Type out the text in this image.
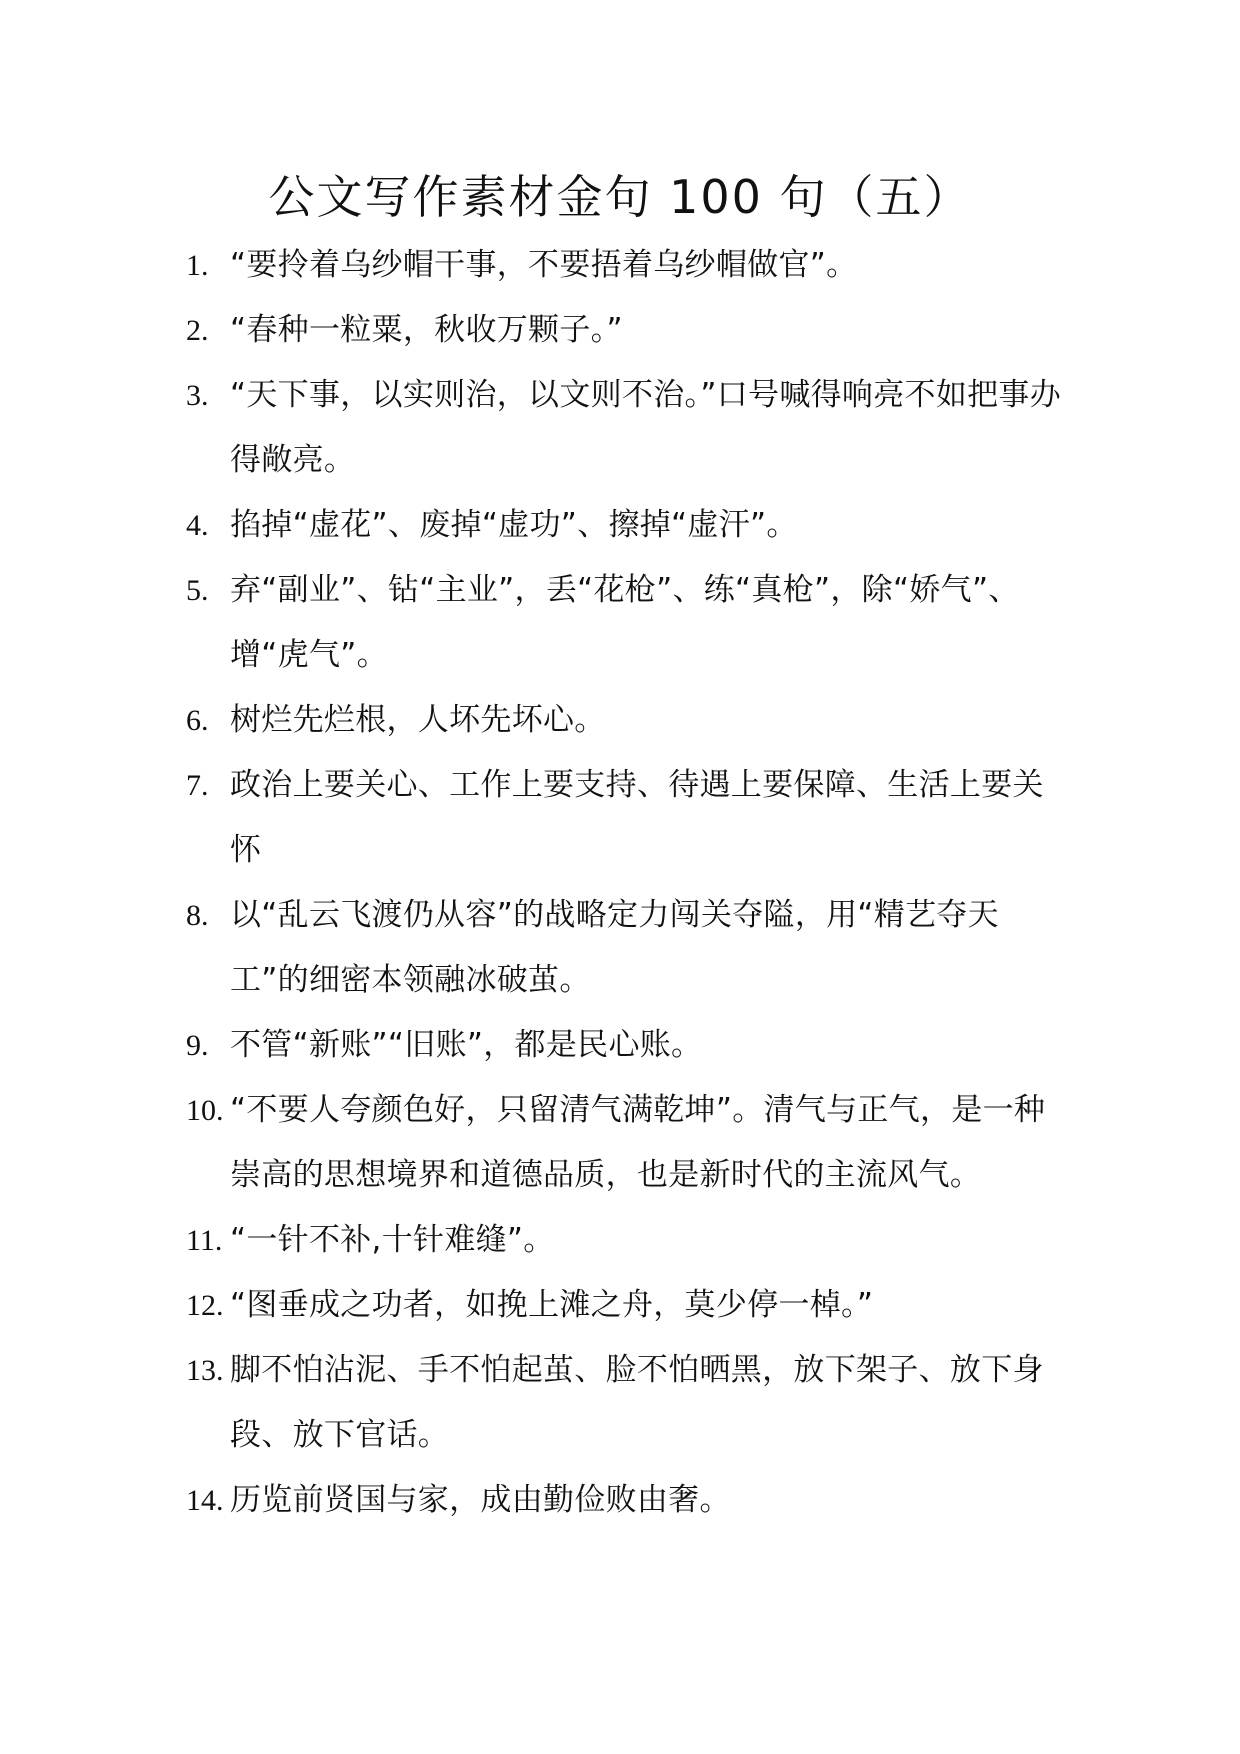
公文写作素材金句 100 句（五）
1. “要拎着乌纱帽干事，不要捂着乌纱帽做官”。
2. “春种一粒粟，秋收万颗子。”
3. “天下事，以实则治，以文则不治。”口号喊得响亮不如把事办得敞亮。
4. 掐掉“虚花”、废掉“虚功”、擦掉“虚汗”。
5. 弃“副业”、钻“主业”，丢“花枪”、练“真枪”，除“娇气”、增“虎气”。
6. 树烂先烂根，人坏先坏心。
7. 政治上要关心、工作上要支持、待遇上要保障、生活上要关怀
8. 以“乱云飞渡仍从容”的战略定力闯关夺隘，用“精艺夺天工”的细密本领融冰破茧。
9. 不管“新账”“旧账”，都是民心账。
10. “不要人夸颜色好，只留清气满乾坤”。清气与正气，是一种崇高的思想境界和道德品质，也是新时代的主流风气。
11. “一针不补,十针难缝”。
12. “图垂成之功者，如挽上滩之舟，莫少停一棹。”
13. 脚不怕沾泥、手不怕起茧、脸不怕晒黑，放下架子、放下身段、放下官话。
14. 历览前贤国与家，成由勤俭败由奢。
